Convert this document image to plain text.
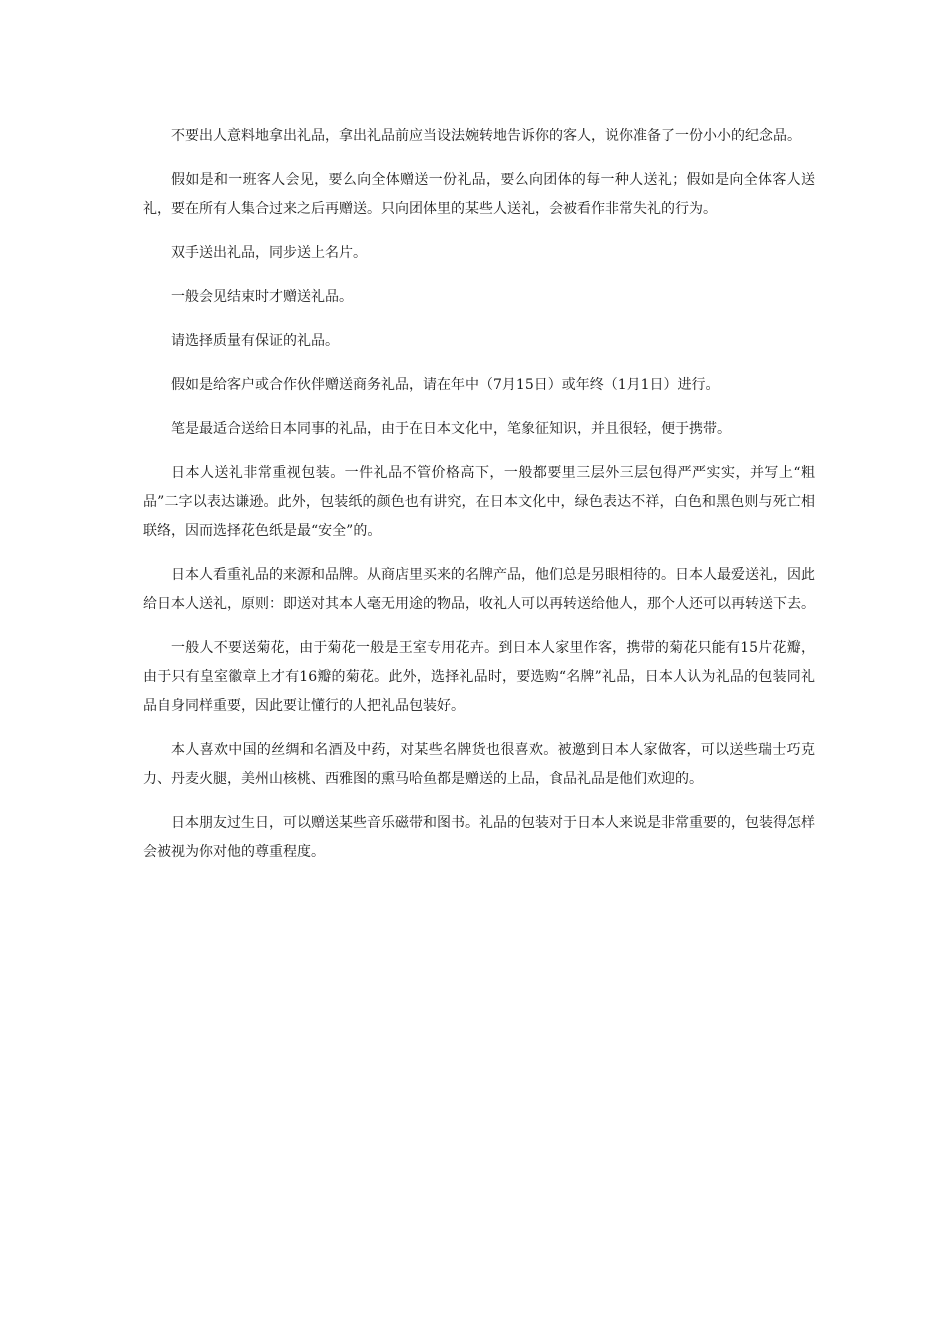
不要出人意料地拿出礼品，拿出礼品前应当设法婉转地告诉你的客人，说你准备了一份小小的纪念品。

假如是和一班客人会见，要么向全体赠送一份礼品，要么向团体的每一种人送礼；假如是向全体客人送礼，要在所有人集合过来之后再赠送。只向团体里的某些人送礼，会被看作非常失礼的行为。

双手送出礼品，同步送上名片。

一般会见结束时才赠送礼品。

请选择质量有保证的礼品。

假如是给客户或合作伙伴赠送商务礼品，请在年中（7月15日）或年终（1月1日）进行。

笔是最适合送给日本同事的礼品，由于在日本文化中，笔象征知识，并且很轻，便于携带。

日本人送礼非常重视包装。一件礼品不管价格高下，一般都要里三层外三层包得严严实实，并写上“粗品”二字以表达谦逊。此外，包装纸的颜色也有讲究，在日本文化中，绿色表达不祥，白色和黑色则与死亡相联络，因而选择花色纸是最“安全”的。

日本人看重礼品的来源和品牌。从商店里买来的名牌产品，他们总是另眼相待的。日本人最爱送礼，因此给日本人送礼，原则：即送对其本人毫无用途的物品，收礼人可以再转送给他人，那个人还可以再转送下去。

一般人不要送菊花，由于菊花一般是王室专用花卉。到日本人家里作客，携带的菊花只能有15片花瓣，由于只有皇室徽章上才有16瓣的菊花。此外，选择礼品时，要选购“名牌”礼品，日本人认为礼品的包装同礼品自身同样重要，因此要让懂行的人把礼品包装好。

本人喜欢中国的丝绸和名酒及中药，对某些名牌货也很喜欢。被邀到日本人家做客，可以送些瑞士巧克力、丹麦火腿，美州山核桃、西雅图的熏马哈鱼都是赠送的上品，食品礼品是他们欢迎的。

日本朋友过生日，可以赠送某些音乐磁带和图书。礼品的包装对于日本人来说是非常重要的，包装得怎样会被视为你对他的尊重程度。
